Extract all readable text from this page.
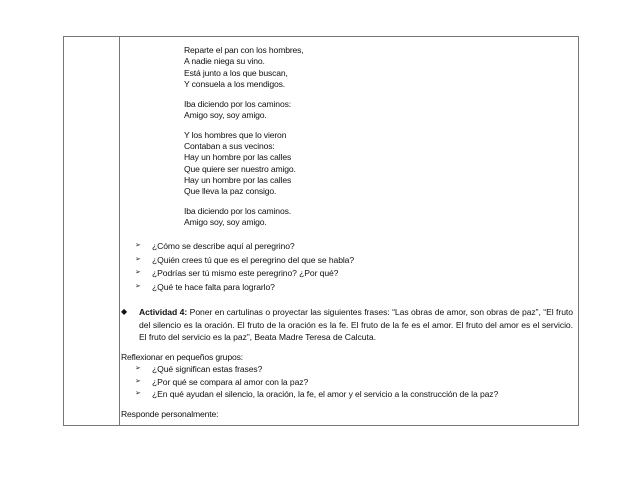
Reparte el pan con los hombres,
A nadie niega su vino.
Está junto a los que buscan,
Y consuela a los mendigos.
Iba diciendo por los caminos:
Amigo soy, soy amigo.
Y los hombres que lo vieron
Contaban a sus vecinos:
Hay un hombre por las calles
Que quiere ser nuestro amigo.
Hay un hombre por las calles
Que lleva la paz consigo.
Iba diciendo por los caminos.
Amigo soy, soy amigo.
➢ ¿Cómo se describe aquí al peregrino?
➢ ¿Quién crees tú que es el peregrino del que se habla?
➢ ¿Podrías ser tú mismo este peregrino? ¿Por qué?
➢ ¿Qué te hace falta para lograrlo?
◆ Actividad 4: Poner en cartulinas o proyectar las siguientes frases: “Las obras de amor, son obras de paz”, “El fruto del silencio es la oración. El fruto de la oración es la fe. El fruto de la fe es el amor. El fruto del amor es el servicio. El fruto del servicio es la paz”, Beata Madre Teresa de Calcuta.
Reflexionar en pequeños grupos:
➢ ¿Qué significan estas frases?
➢ ¿Por qué se compara al amor con la paz?
➢ ¿En qué ayudan el silencio, la oración, la fe, el amor y el servicio a la construcción de la paz?
Responde personalmente:
